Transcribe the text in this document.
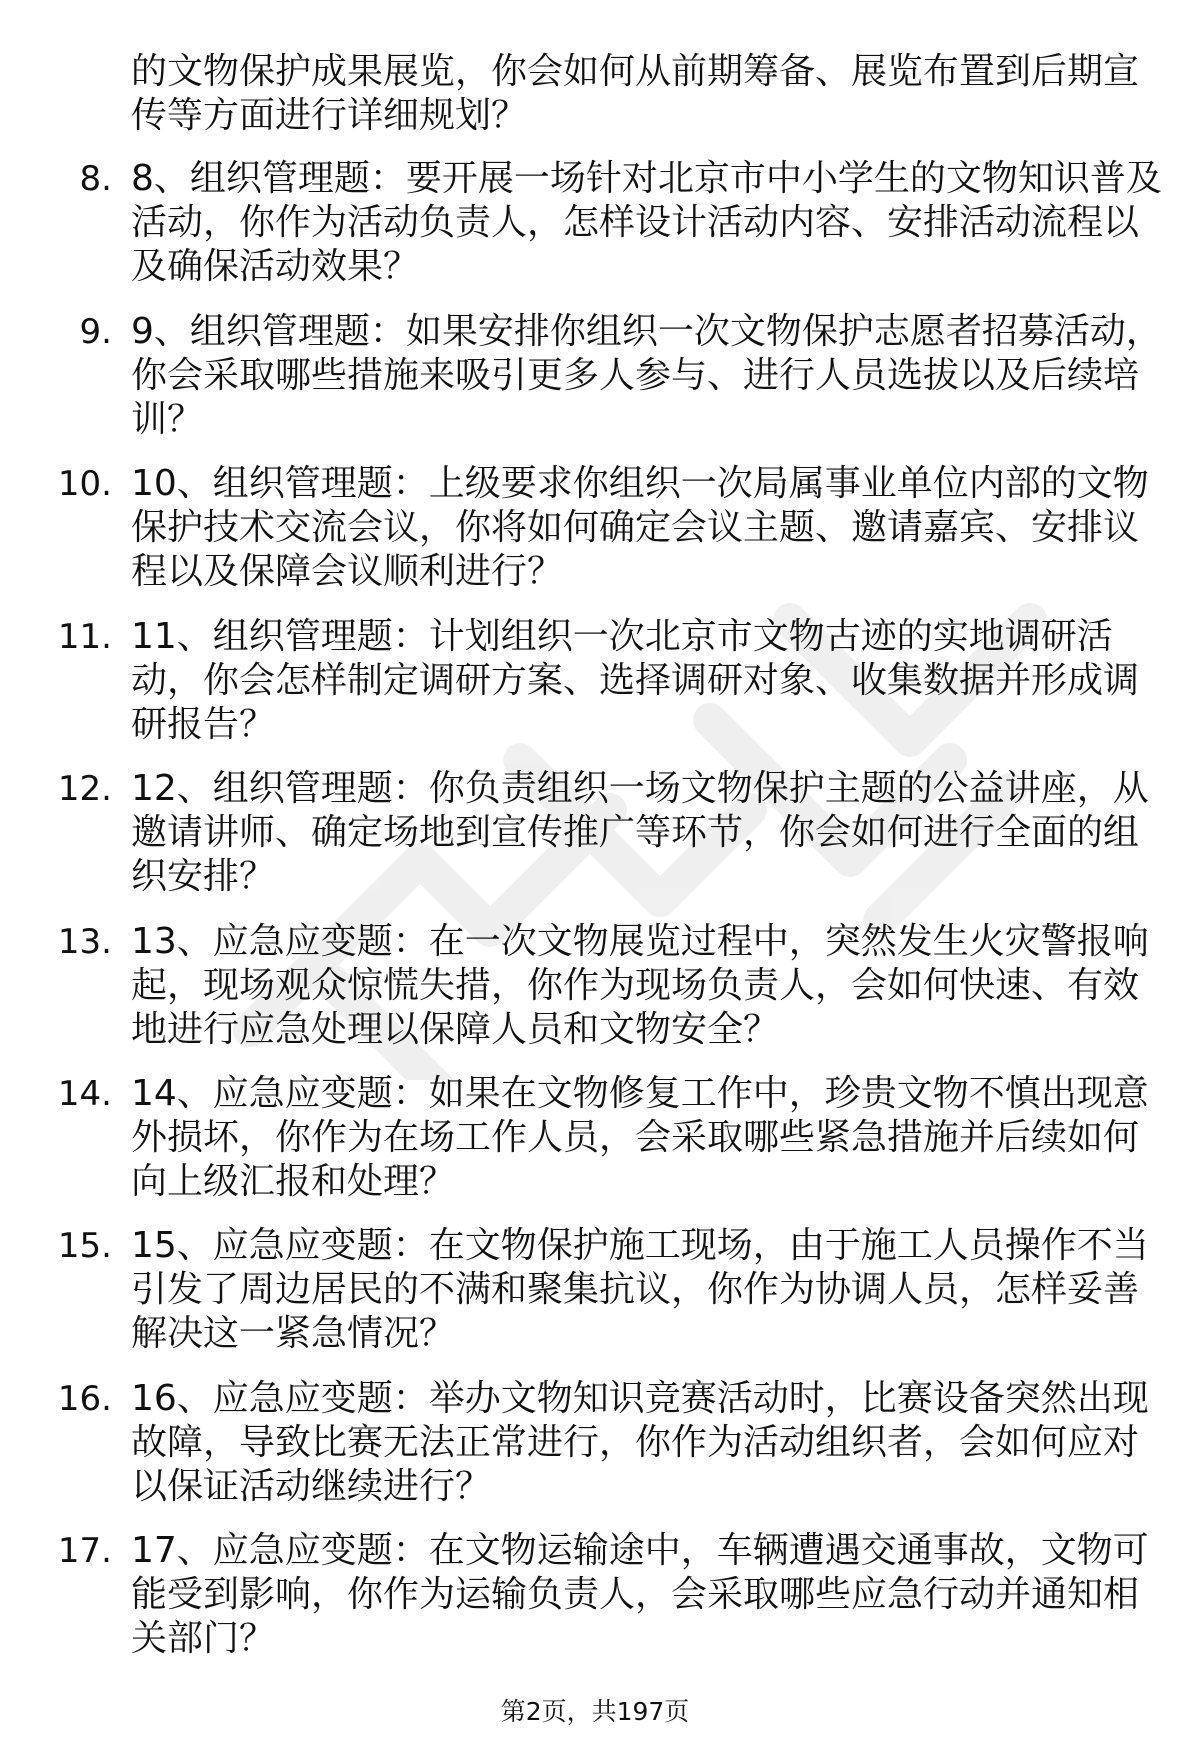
的文物保护成果展览，你会如何从前期筹备、展览布置到后期宣传等方面进行详细规划？

8. 8、组织管理题：要开展一场针对北京市中小学生的文物知识普及活动，你作为活动负责人，怎样设计活动内容、安排活动流程以及确保活动效果？

9. 9、组织管理题：如果安排你组织一次文物保护志愿者招募活动，你会采取哪些措施来吸引更多人参与、进行人员选拔以及后续培训？

10. 10、组织管理题：上级要求你组织一次局属事业单位内部的文物保护技术交流会议，你将如何确定会议主题、邀请嘉宾、安排议程以及保障会议顺利进行？

11. 11、组织管理题：计划组织一次北京市文物古迹的实地调研活动，你会怎样制定调研方案、选择调研对象、收集数据并形成调研报告？

12. 12、组织管理题：你负责组织一场文物保护主题的公益讲座，从邀请讲师、确定场地到宣传推广等环节，你会如何进行全面的组织安排？

13. 13、应急应变题：在一次文物展览过程中，突然发生火灾警报响起，现场观众惊慌失措，你作为现场负责人，会如何快速、有效地进行应急处理以保障人员和文物安全？

14. 14、应急应变题：如果在文物修复工作中，珍贵文物不慎出现意外损坏，你作为在场工作人员，会采取哪些紧急措施并后续如何向上级汇报和处理？

15. 15、应急应变题：在文物保护施工现场，由于施工人员操作不当引发了周边居民的不满和聚集抗议，你作为协调人员，怎样妥善解决这一紧急情况？

16. 16、应急应变题：举办文物知识竞赛活动时，比赛设备突然出现故障，导致比赛无法正常进行，你作为活动组织者，会如何应对以保证活动继续进行？

17. 17、应急应变题：在文物运输途中，车辆遭遇交通事故，文物可能受到影响，你作为运输负责人，会采取哪些应急行动并通知相关部门？

第2页，共197页
